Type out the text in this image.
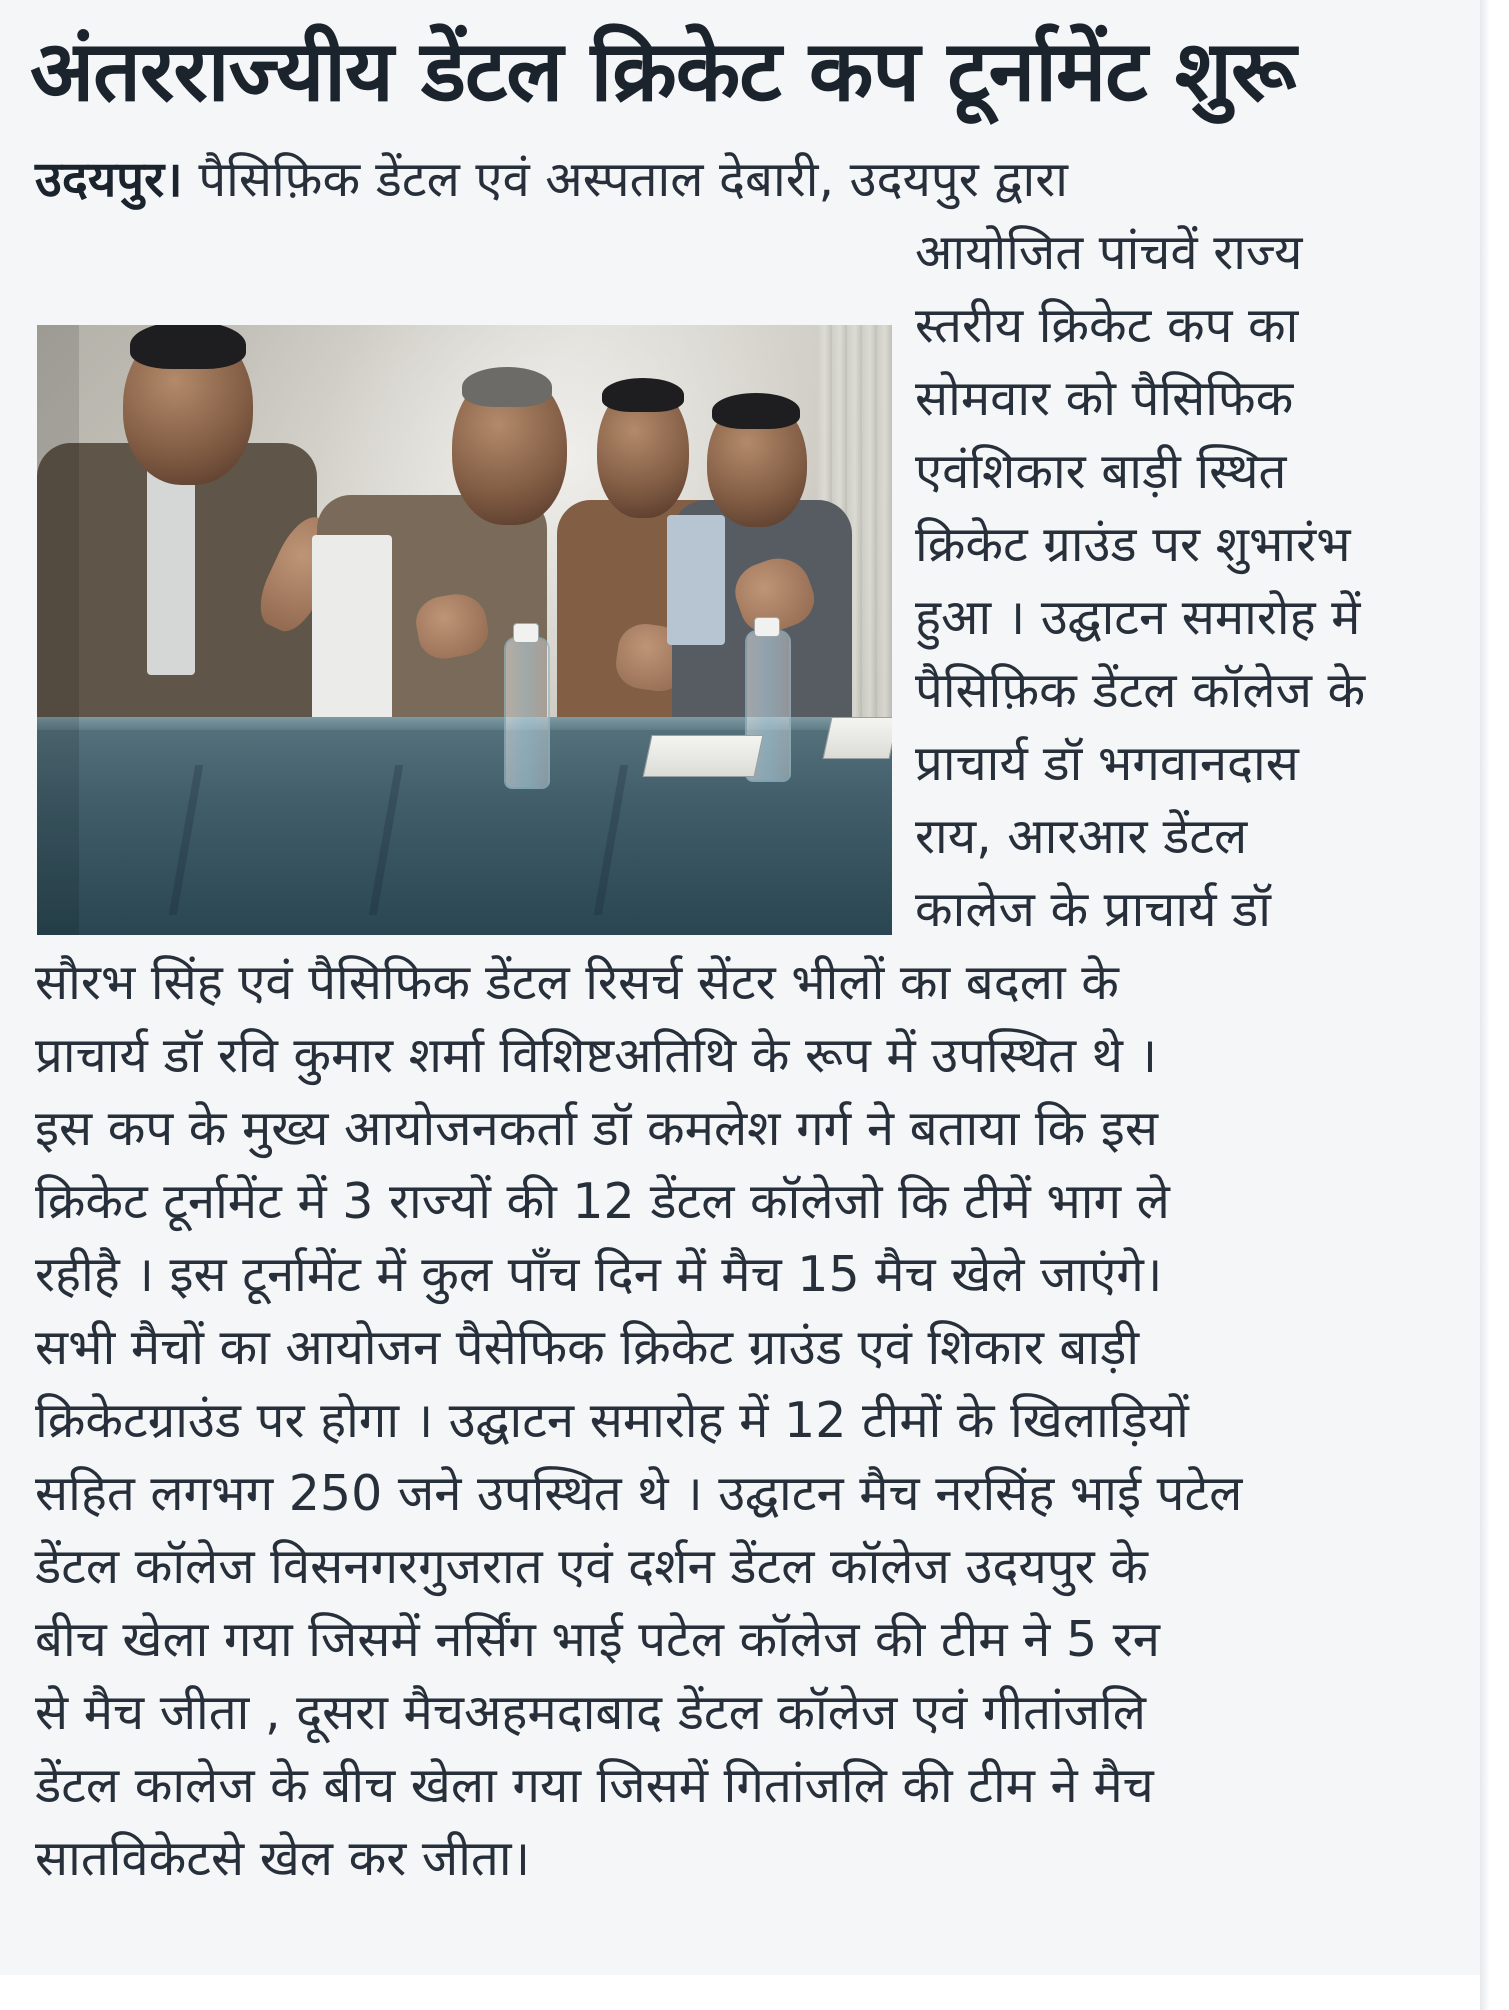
अंतरराज्यीय डेंटल क्रिकेट कप टूर्नामेंट शुरू
उदयपुर। पैसिफ़िक डेंटल एवं अस्पताल देबारी, उदयपुर द्वारा
आयोजित पांचवें राज्य
स्तरीय क्रिकेट कप का
सोमवार को पैसिफिक
एवंशिकार बाड़ी स्थित
क्रिकेट ग्राउंड पर शुभारंभ
हुआ । उद्घाटन समारोह में
पैसिफ़िक डेंटल कॉलेज के
प्राचार्य डॉ भगवानदास
राय, आरआर डेंटल
कालेज के प्राचार्य डॉ
सौरभ सिंह एवं पैसिफिक डेंटल रिसर्च सेंटर भीलों का बदला के
प्राचार्य डॉ रवि कुमार शर्मा विशिष्टअतिथि के रूप में उपस्थित थे ।
इस कप के मुख्य आयोजनकर्ता डॉ कमलेश गर्ग ने बताया कि इस
क्रिकेट टूर्नामेंट में 3 राज्यों की 12 डेंटल कॉलेजो कि टीमें भाग ले
रहीहै । इस टूर्नामेंट में कुल पाँच दिन में मैच 15 मैच खेले जाएंगे।
सभी मैचों का आयोजन पैसेफिक क्रिकेट ग्राउंड एवं शिकार बाड़ी
क्रिकेटग्राउंड पर होगा । उद्घाटन समारोह में 12 टीमों के खिलाड़ियों
सहित लगभग 250 जने उपस्थित थे । उद्घाटन मैच नरसिंह भाई पटेल
डेंटल कॉलेज विसनगरगुजरात एवं दर्शन डेंटल कॉलेज उदयपुर के
बीच खेला गया जिसमें नर्सिंग भाई पटेल कॉलेज की टीम ने 5 रन
से मैच जीता , दूसरा मैचअहमदाबाद डेंटल कॉलेज एवं गीतांजलि
डेंटल कालेज के बीच खेला गया जिसमें गितांजलि की टीम ने मैच
सातविकेटसे खेल कर जीता।
